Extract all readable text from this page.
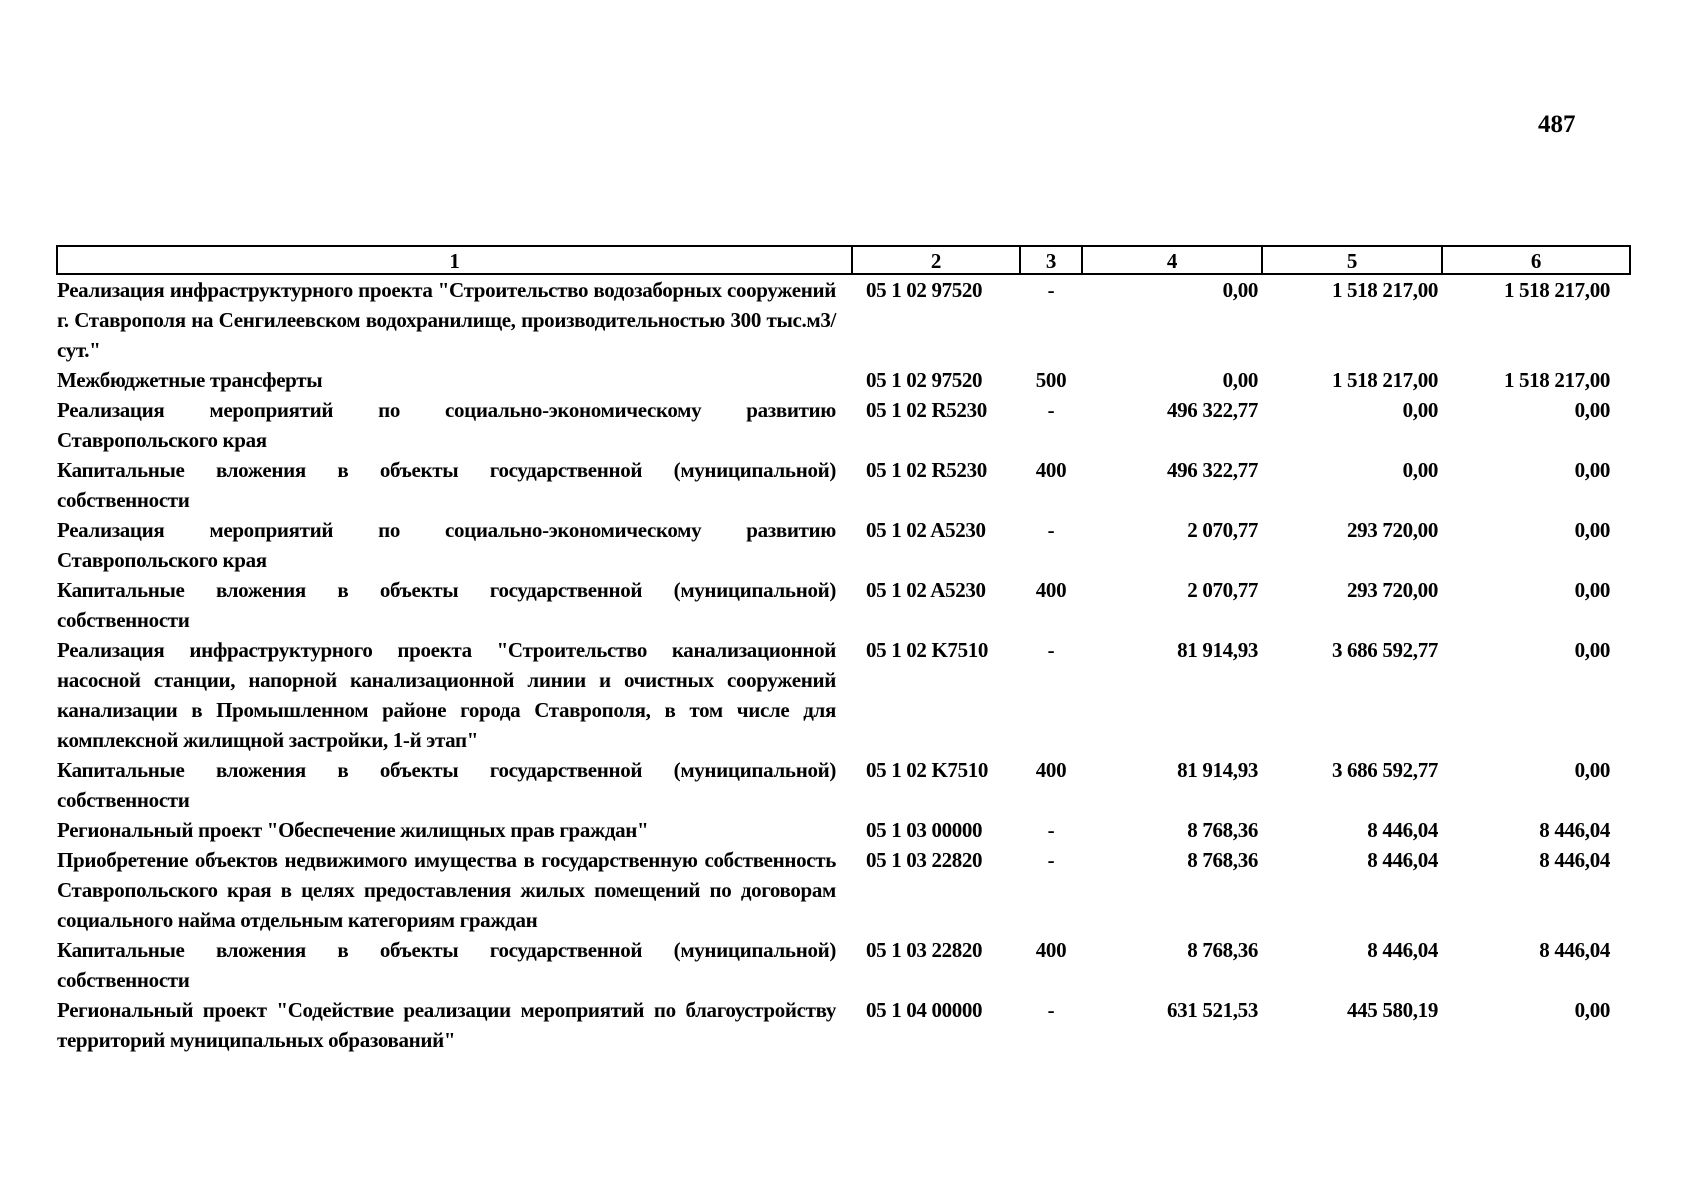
487
1	2	3	4	5	6
Реализация инфраструктурного проекта "Строительство водозаборных сооружений г. Ставрополя на Сенгилеевском водохранилище, производительностью 300 тыс.м3/сут."	05 1 02 97520	-	0,00	1 518 217,00	1 518 217,00
Межбюджетные трансферты	05 1 02 97520	500	0,00	1 518 217,00	1 518 217,00
Реализация мероприятий по социально-экономическому развитию Ставропольского края	05 1 02 R5230	-	496 322,77	0,00	0,00
Капитальные вложения в объекты государственной (муниципальной) собственности	05 1 02 R5230	400	496 322,77	0,00	0,00
Реализация мероприятий по социально-экономическому развитию Ставропольского края	05 1 02 A5230	-	2 070,77	293 720,00	0,00
Капитальные вложения в объекты государственной (муниципальной) собственности	05 1 02 A5230	400	2 070,77	293 720,00	0,00
Реализация инфраструктурного проекта "Строительство канализационной насосной станции, напорной канализационной линии и очистных сооружений канализации в Промышленном районе города Ставрополя, в том числе для комплексной жилищной застройки, 1-й этап"	05 1 02 K7510	-	81 914,93	3 686 592,77	0,00
Капитальные вложения в объекты государственной (муниципальной) собственности	05 1 02 K7510	400	81 914,93	3 686 592,77	0,00
Региональный проект "Обеспечение жилищных прав граждан"	05 1 03 00000	-	8 768,36	8 446,04	8 446,04
Приобретение объектов недвижимого имущества в государственную собственность Ставропольского края в целях предоставления жилых помещений по договорам социального найма отдельным категориям граждан	05 1 03 22820	-	8 768,36	8 446,04	8 446,04
Капитальные вложения в объекты государственной (муниципальной) собственности	05 1 03 22820	400	8 768,36	8 446,04	8 446,04
Региональный проект "Содействие реализации мероприятий по благоустройству территорий муниципальных образований"	05 1 04 00000	-	631 521,53	445 580,19	0,00
